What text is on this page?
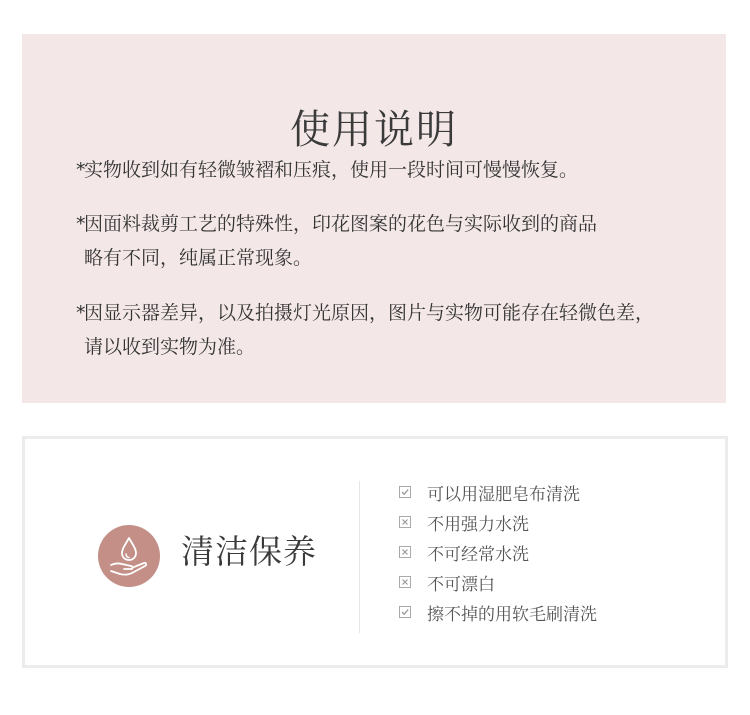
使用说明
*实物收到如有轻微皱褶和压痕，使用一段时间可慢慢恢复。
*因面料裁剪工艺的特殊性，印花图案的花色与实际收到的商品
略有不同，纯属正常现象。
*因显示器差异，以及拍摄灯光原因，图片与实物可能存在轻微色差，
请以收到实物为准。
清洁保养
可以用湿肥皂布清洗
不用强力水洗
不可经常水洗
不可漂白
擦不掉的用软毛刷清洗
